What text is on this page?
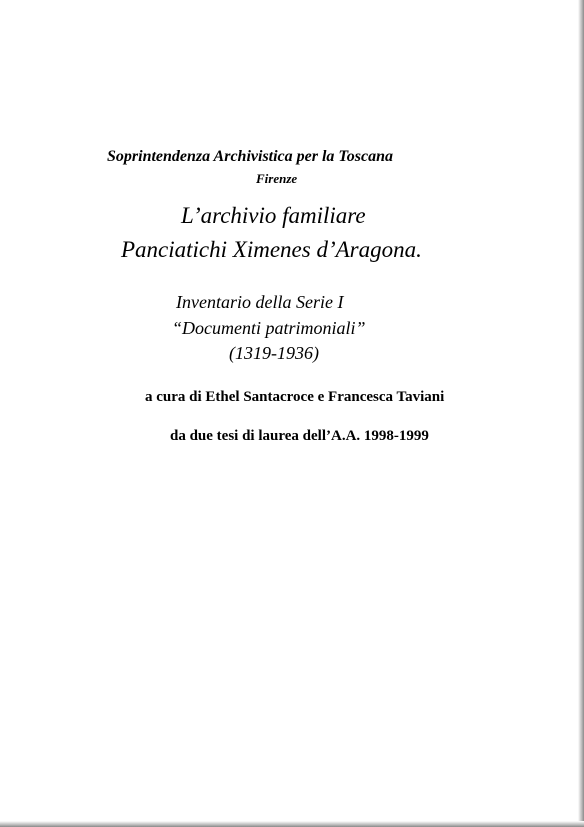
Soprintendenza Archivistica per la Toscana

Firenze

L’archivio familiare
Panciatichi Ximenes d’Aragona.

Inventario della Serie I

“Documenti patrimoniali”

(1319-1936)

a cura di Ethel Santacroce e Francesca Taviani

da due tesi di laurea dell’A.A. 1998-1999
